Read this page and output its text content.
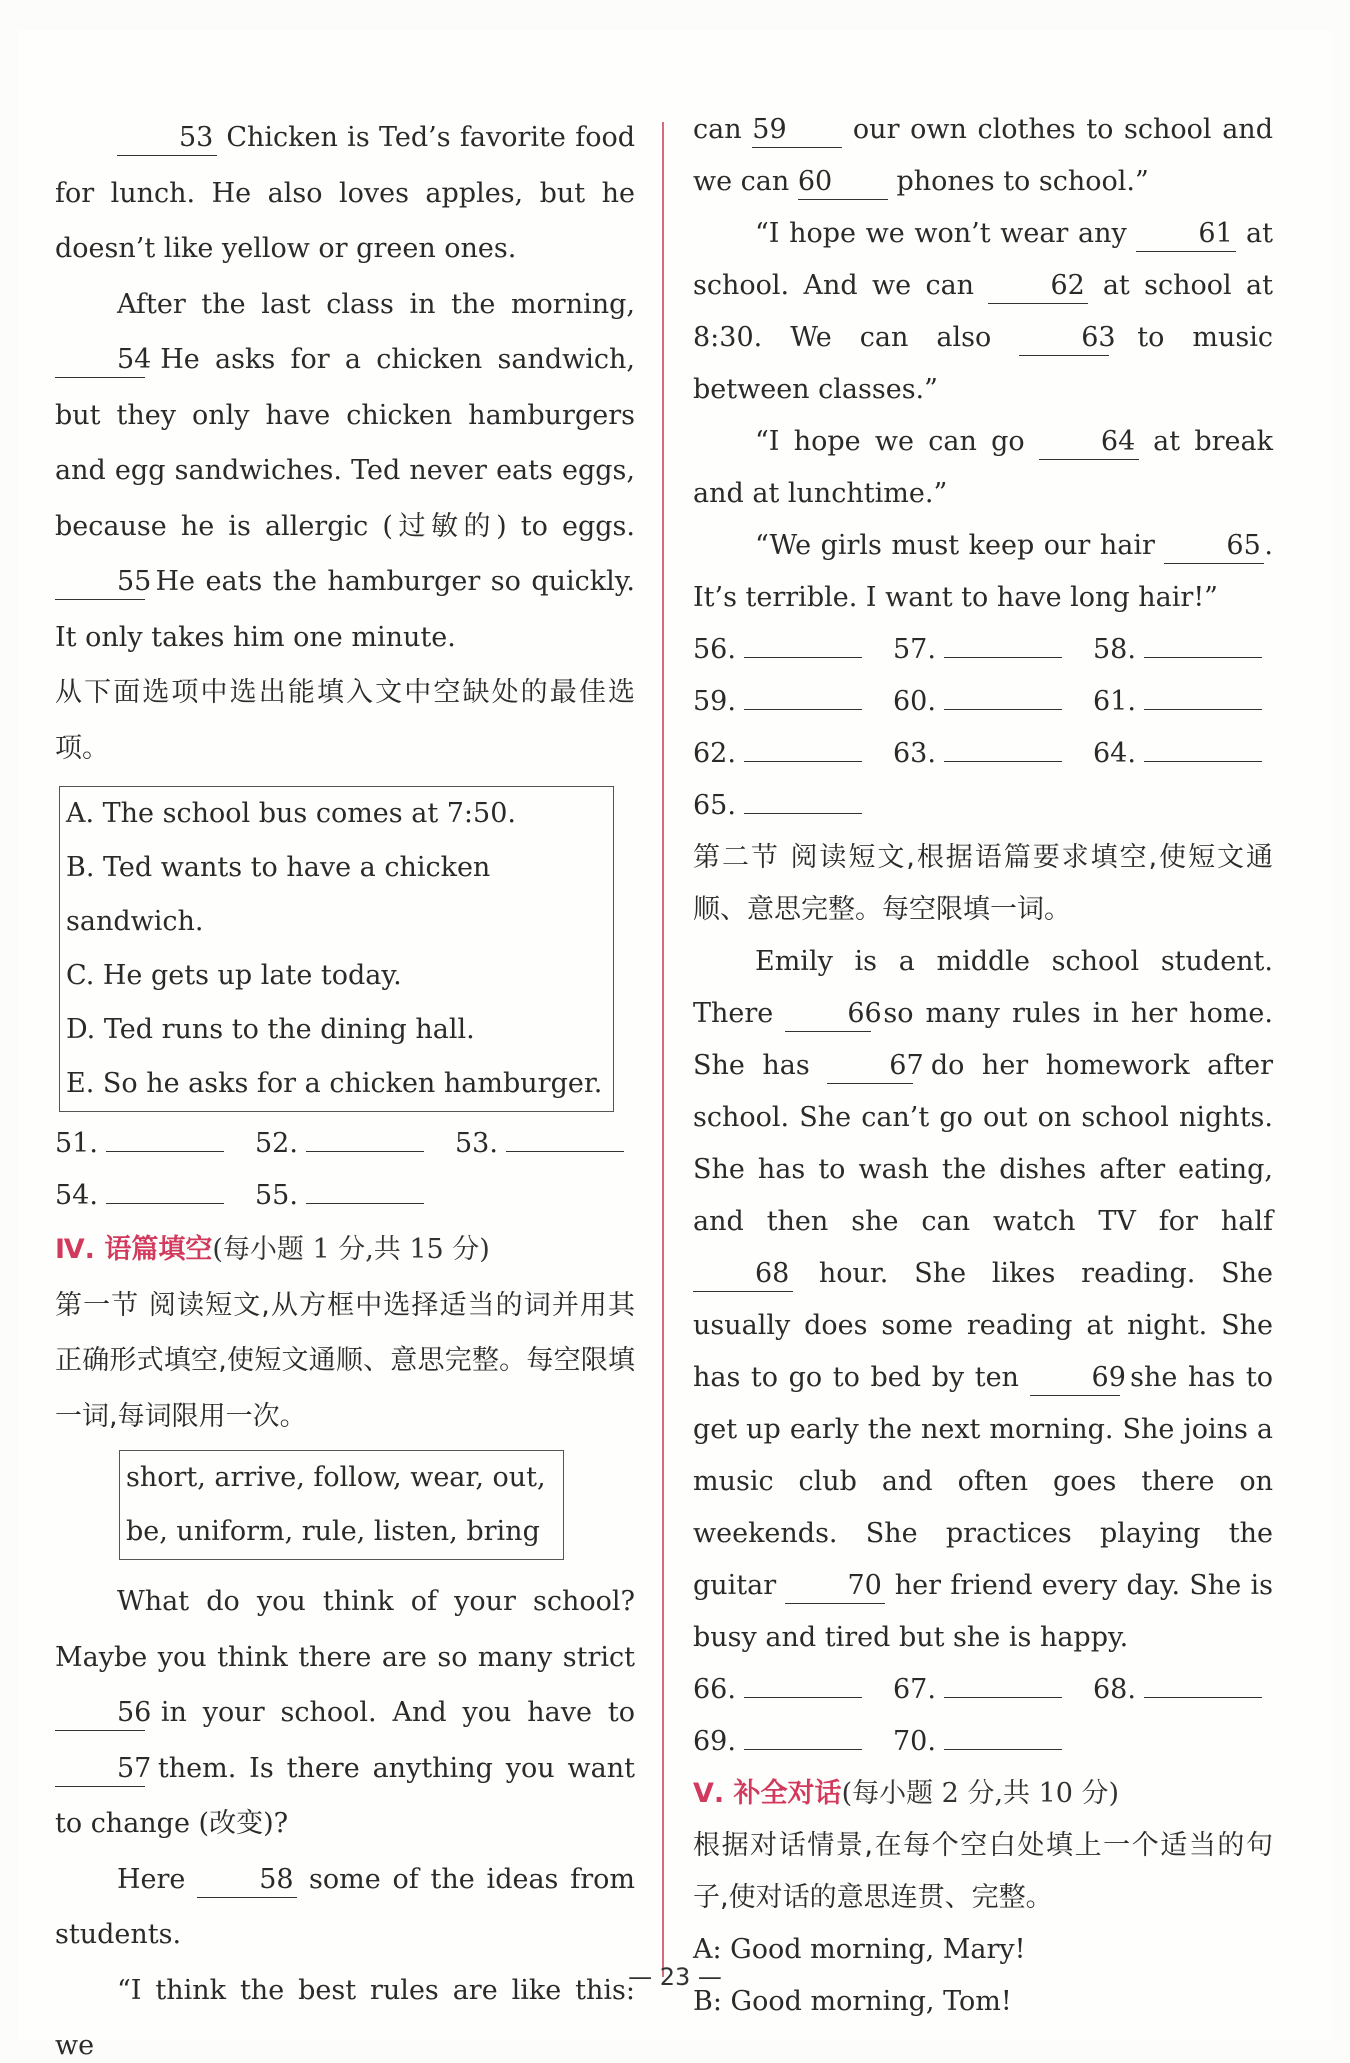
53 Chicken is Ted’s favorite food for lunch. He also loves apples, but he doesn’t like yellow or green ones.

After the last class in the morning, 54 He asks for a chicken sandwich, but they only have chicken hamburgers and egg sandwiches. Ted never eats eggs, because he is allergic (过敏的) to eggs. 55 He eats the hamburger so quickly. It only takes him one minute.

从下面选项中选出能填入文中空缺处的最佳选项。

A. The school bus comes at 7:50.
B. Ted wants to have a chicken sandwich.
C. He gets up late today.
D. Ted runs to the dining hall.
E. So he asks for a chicken hamburger.
51.	52.	53.
54.	55.

Ⅳ. 语篇填空(每小题 1 分,共 15 分)

第一节 阅读短文,从方框中选择适当的词并用其正确形式填空,使短文通顺、意思完整。每空限填一词,每词限用一次。

short, arrive, follow, wear, out,
be, uniform, rule, listen, bring

What do you think of your school? Maybe you think there are so many strict 56 in your school. And you have to 57 them. Is there anything you want to change (改变)?

Here	58 some of the ideas from students.

“I think the best rules are like this: we

can 59 our own clothes to school and we can 60 phones to school.”

“I hope we won’t wear any	61 at school. And we can	62 at school at 8:30. We can also	63 to music between classes.”

“I hope we can go	64 at break and at lunchtime.”

“We girls must keep our hair	65 . It’s terrible. I want to have long hair!”

56.	57.	58.
59.	60.	61.
62.	63.	64.
65.

第二节 阅读短文,根据语篇要求填空,使短文通顺、意思完整。每空限填一词。

Emily is a middle school student. There	66 so many rules in her home. She has	67 do her homework after school. She can’t go out on school nights. She has to wash the dishes after eating, and then she can watch TV for half 68 hour. She likes reading. She usually does some reading at night. She has to go to bed by ten	69 she has to get up early the next morning. She joins a music club and often goes there on weekends. She practices playing the guitar	70 her friend every day. She is busy and tired but she is happy.

66.	67.	68.
69.	70.

Ⅴ. 补全对话(每小题 2 分,共 10 分)

根据对话情景,在每个空白处填上一个适当的句子,使对话的意思连贯、完整。

A: Good morning, Mary!

B: Good morning, Tom!

— 23 —
